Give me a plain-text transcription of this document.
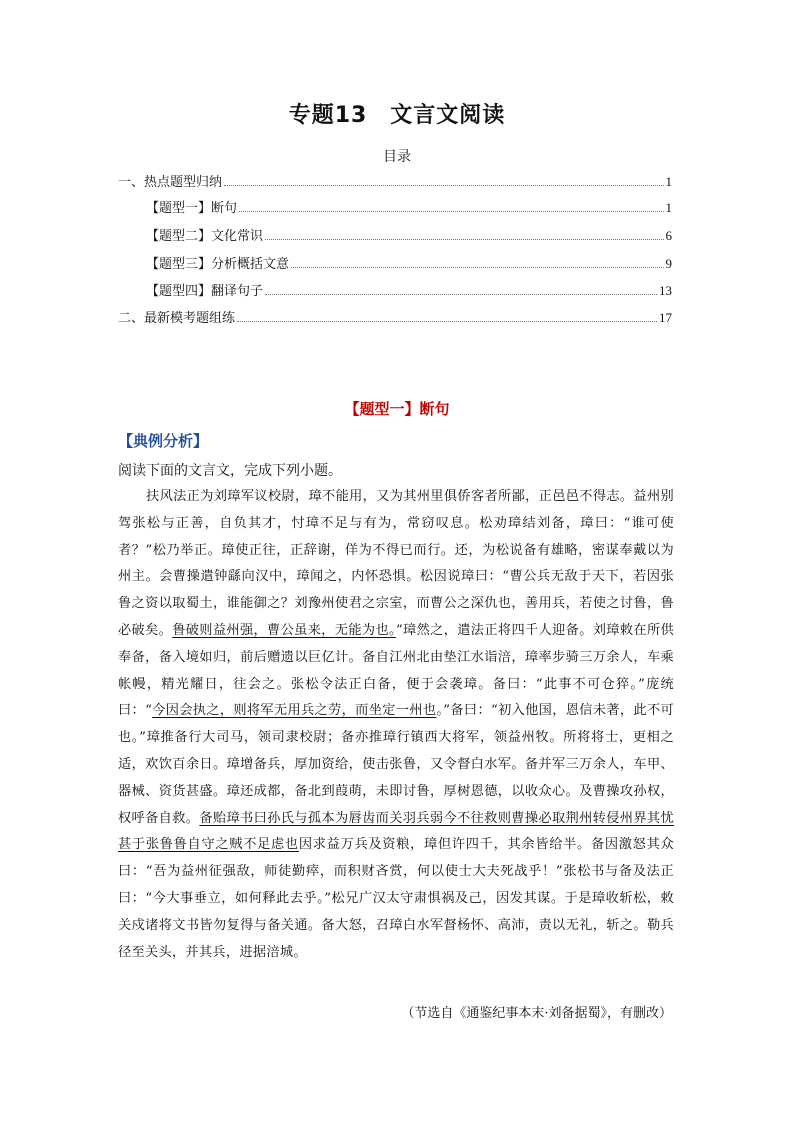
专题13　文言文阅读
目录
一、热点题型归纳	1
【题型一】断句	1
【题型二】文化常识	6
【题型三】分析概括文意	9
【题型四】翻译句子	13
二、最新模考题组练	17
【题型一】断句
【典例分析】
阅读下面的文言文，完成下列小题。
扶风法正为刘璋军议校尉，璋不能用，又为其州里俱侨客者所鄙，正邑邑不得志。益州别驾张松与正善，自负其才，忖璋不足与有为，常窃叹息。松劝璋结刘备，璋曰：“谁可使者？”松乃举正。璋使正往，正辞谢，佯为不得已而行。还，为松说备有雄略，密谋奉戴以为州主。会曹操遣钟繇向汉中，璋闻之，内怀恐惧。松因说璋曰：“曹公兵无敌于天下，若因张鲁之资以取蜀土，谁能御之？刘豫州使君之宗室，而曹公之深仇也，善用兵，若使之讨鲁，鲁必破矣。鲁破则益州强，曹公虽来，无能为也。”璋然之，遣法正将四千人迎备。刘璋敕在所供奉备，备入境如归，前后赠遗以巨亿计。备自江州北由垫江水诣涪，璋率步骑三万余人，车乘帐幔，精光耀日，往会之。张松令法正白备，便于会袭璋。备曰：“此事不可仓猝。”庞统曰：“今因会执之，则将军无用兵之劳，而坐定一州也。”备曰：“初入他国，恩信未著，此不可也。”璋推备行大司马，领司隶校尉；备亦推璋行镇西大将军，领益州牧。所将将士，更相之适，欢饮百余日。璋增备兵，厚加资给，使击张鲁，又令督白水军。备并军三万余人，车甲、器械、资货甚盛。璋还成都，备北到葭萌，未即讨鲁，厚树恩德，以收众心。及曹操攻孙权，权呼备自救。备贻璋书曰孙氏与孤本为唇齿而关羽兵弱今不往救则曹操必取荆州转侵州界其忧甚于张鲁鲁自守之贼不足虑也因求益万兵及资粮，璋但许四千，其余皆给半。备因激怒其众曰：“吾为益州征强敌，师徒勤瘁，而积财吝赏，何以使士大夫死战乎！”张松书与备及法正曰：“今大事垂立，如何释此去乎。”松兄广汉太守肃惧祸及己，因发其谋。于是璋收斩松，敕关戍诸将文书皆勿复得与备关通。备大怒，召璋白水军督杨怀、高沛，责以无礼，斩之。勒兵径至关头，并其兵，进据涪城。
（节选自《通鉴纪事本末·刘备据蜀》，有删改）
